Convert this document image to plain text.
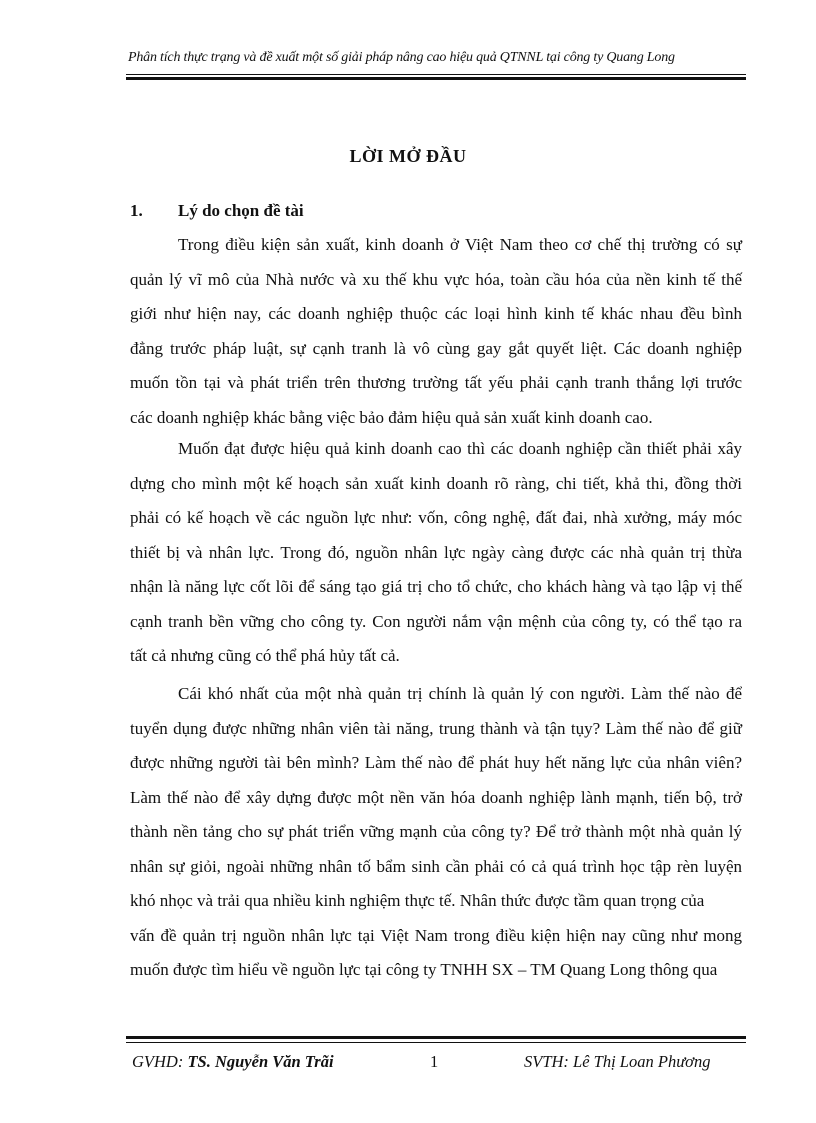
Phân tích thực trạng và đề xuất một số giải pháp nâng cao hiệu quả QTNNL tại công ty Quang Long
LỜI MỞ ĐẦU
1. Lý do chọn đề tài
Trong điều kiện sản xuất, kinh doanh ở Việt Nam theo cơ chế thị trường có sự
quản lý vĩ mô của Nhà nước và xu thế khu vực hóa, toàn cầu hóa của nền kinh tế thế
giới như hiện nay, các doanh nghiệp thuộc các loại hình kinh tế khác nhau đều bình
đẳng trước pháp luật, sự cạnh tranh là vô cùng gay gắt quyết liệt. Các doanh nghiệp
muốn tồn tại và phát triển trên thương trường tất yếu phải cạnh tranh thắng lợi trước
các doanh nghiệp khác bằng việc bảo đảm hiệu quả sản xuất kinh doanh cao.
Muốn đạt được hiệu quả kinh doanh cao thì các doanh nghiệp cần thiết phải xây
dựng cho mình một kế hoạch sản xuất kinh doanh rõ ràng, chi tiết, khả thi, đồng thời
phải có kế hoạch về các nguồn lực như: vốn, công nghệ, đất đai, nhà xưởng, máy móc
thiết bị và nhân lực. Trong đó, nguồn nhân lực ngày càng được các nhà quản trị thừa
nhận là năng lực cốt lõi để sáng tạo giá trị cho tổ chức, cho khách hàng và tạo lập vị thế
cạnh tranh bền vững cho công ty. Con người nắm vận mệnh của công ty, có thể tạo ra
tất cả nhưng cũng có thể phá hủy tất cả.
Cái khó nhất của một nhà quản trị chính là quản lý con người. Làm thế nào để
tuyển dụng được những nhân viên tài năng, trung thành và tận tụy? Làm thế nào để giữ
được những người tài bên mình? Làm thế nào để phát huy hết năng lực của nhân viên?
Làm thế nào để xây dựng được một nền văn hóa doanh nghiệp lành mạnh, tiến bộ, trở
thành nền tảng cho sự phát triển vững mạnh của công ty? Để trở thành một nhà quản lý
nhân sự giỏi, ngoài những nhân tố bẩm sinh cần phải có cả quá trình học tập rèn luyện
khó nhọc và trải qua nhiều kinh nghiệm thực tế. Nhân thức được tầm quan trọng của
vấn đề quản trị nguồn nhân lực tại Việt Nam trong điều kiện hiện nay cũng như mong
muốn được tìm hiểu về nguồn lực tại công ty TNHH SX – TM Quang Long thông qua
GVHD: TS. Nguyễn Văn Trãi	1	SVTH: Lê Thị Loan Phương
